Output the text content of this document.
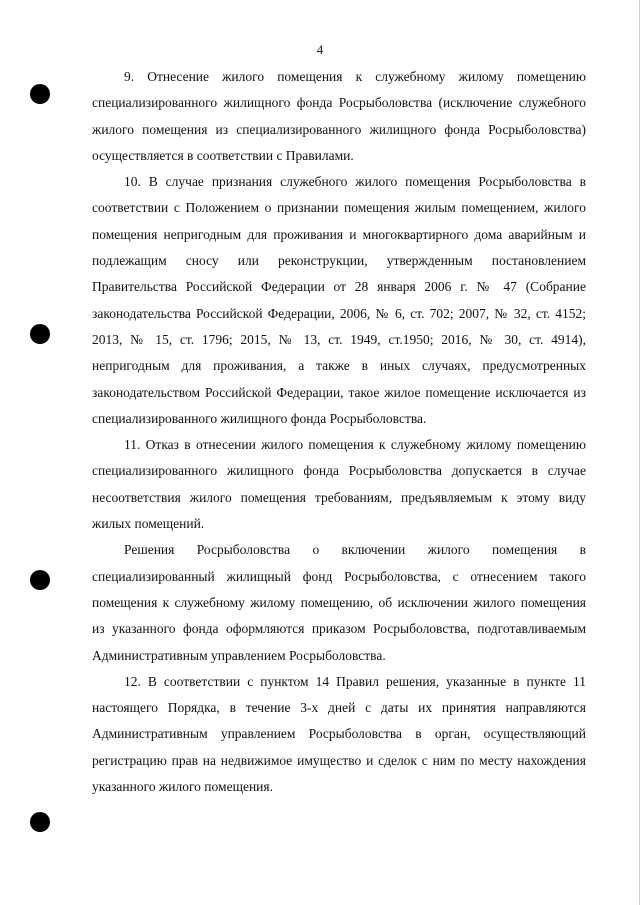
4

9. Отнесение жилого помещения к служебному жилому помещению специализированного жилищного фонда Росрыболовства (исключение служебного жилого помещения из специализированного жилищного фонда Росрыболовства) осуществляется в соответствии с Правилами.

10. В случае признания служебного жилого помещения Росрыболовства в соответствии с Положением о признании помещения жилым помещением, жилого помещения непригодным для проживания и многоквартирного дома аварийным и подлежащим сносу или реконструкции, утвержденным постановлением Правительства Российской Федерации от 28 января 2006 г. № 47 (Собрание законодательства Российской Федерации, 2006, № 6, ст. 702; 2007, № 32, ст. 4152; 2013, № 15, ст. 1796; 2015, № 13, ст. 1949, ст.1950; 2016, № 30, ст. 4914), непригодным для проживания, а также в иных случаях, предусмотренных законодательством Российской Федерации, такое жилое помещение исключается из специализированного жилищного фонда Росрыболовства.

11. Отказ в отнесении жилого помещения к служебному жилому помещению специализированного жилищного фонда Росрыболовства допускается в случае несоответствия жилого помещения требованиям, предъявляемым к этому виду жилых помещений.

Решения Росрыболовства о включении жилого помещения в специализированный жилищный фонд Росрыболовства, с отнесением такого помещения к служебному жилому помещению, об исключении жилого помещения из указанного фонда оформляются приказом Росрыболовства, подготавливаемым Административным управлением Росрыболовства.

12. В соответствии с пунктом 14 Правил решения, указанные в пункте 11 настоящего Порядка, в течение 3-х дней с даты их принятия направляются Административным управлением Росрыболовства в орган, осуществляющий регистрацию прав на недвижимое имущество и сделок с ним по месту нахождения указанного жилого помещения.
